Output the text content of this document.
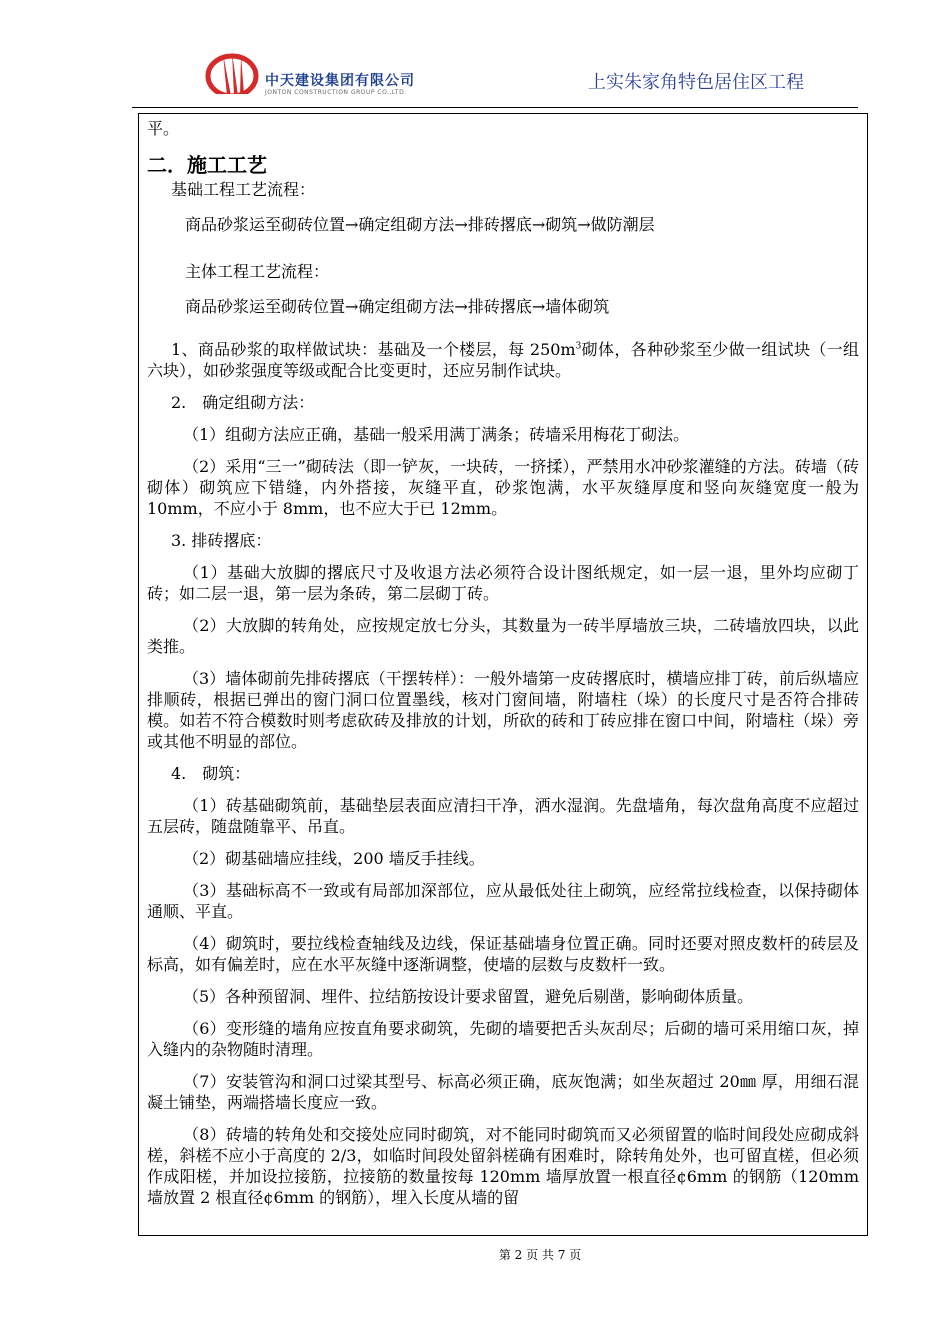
中天建设集团有限公司
JONTON CONSTRUCTION GROUP CO.,LTD.	上实朱家角特色居住区工程

平。

二．施工工艺

基础工程工艺流程：

商品砂浆运至砌砖位置→确定组砌方法→排砖撂底→砌筑→做防潮层

主体工程工艺流程：

商品砂浆运至砌砖位置→确定组砌方法→排砖撂底→墙体砌筑

1、商品砂浆的取样做试块：基础及一个楼层，每 $250m^3$砌体，各种砂浆至少做一组试块（一组六块），如砂浆强度等级或配合比变更时，还应另制作试块。

2.　确定组砌方法：

（1）组砌方法应正确，基础一般采用满丁满条；砖墙采用梅花丁砌法。

（2）采用“三一”砌砖法（即一铲灰，一块砖，一挤揉），严禁用水冲砂浆灌缝的方法。砖墙（砖砌体）砌筑应下错缝，内外搭接，灰缝平直，砂浆饱满，水平灰缝厚度和竖向灰缝宽度一般为 10mm，不应小于 8mm，也不应大于已 12mm。

3. 排砖撂底：

（1）基础大放脚的撂底尺寸及收退方法必须符合设计图纸规定，如一层一退，里外均应砌丁砖；如二层一退，第一层为条砖，第二层砌丁砖。

（2）大放脚的转角处，应按规定放七分头，其数量为一砖半厚墙放三块，二砖墙放四块，以此类推。

（3）墙体砌前先排砖撂底（干摆转样）：一般外墙第一皮砖撂底时，横墙应排丁砖，前后纵墙应排顺砖，根据已弹出的窗门洞口位置墨线，核对门窗间墙，附墙柱（垛）的长度尺寸是否符合排砖模。如若不符合模数时则考虑砍砖及排放的计划，所砍的砖和丁砖应排在窗口中间，附墙柱（垛）旁或其他不明显的部位。

4.　砌筑：

（1）砖基础砌筑前，基础垫层表面应清扫干净，洒水湿润。先盘墙角，每次盘角高度不应超过五层砖，随盘随靠平、吊直。

（2）砌基础墙应挂线，200 墙反手挂线。

（3）基础标高不一致或有局部加深部位，应从最低处往上砌筑，应经常拉线检查，以保持砌体通顺、平直。

（4）砌筑时，要拉线检查轴线及边线，保证基础墙身位置正确。同时还要对照皮数杆的砖层及标高，如有偏差时，应在水平灰缝中逐渐调整，使墙的层数与皮数杆一致。

（5）各种预留洞、埋件、拉结筋按设计要求留置，避免后剔凿，影响砌体质量。

（6）变形缝的墙角应按直角要求砌筑，先砌的墙要把舌头灰刮尽；后砌的墙可采用缩口灰，掉入缝内的杂物随时清理。

（7）安装管沟和洞口过梁其型号、标高必须正确，底灰饱满；如坐灰超过 20㎜ 厚，用细石混凝土铺垫，两端搭墙长度应一致。

（8）砖墙的转角处和交接处应同时砌筑，对不能同时砌筑而又必须留置的临时间段处应砌成斜槎，斜槎不应小于高度的 2/3，如临时间段处留斜槎确有困难时，除转角处外，也可留直槎，但必须作成阳槎，并加设拉接筋，拉接筋的数量按每 120mm 墙厚放置一根直径¢6mm 的钢筋（120mm 墙放置 2 根直径¢6mm 的钢筋），埋入长度从墙的留

第 2 页 共 7 页
